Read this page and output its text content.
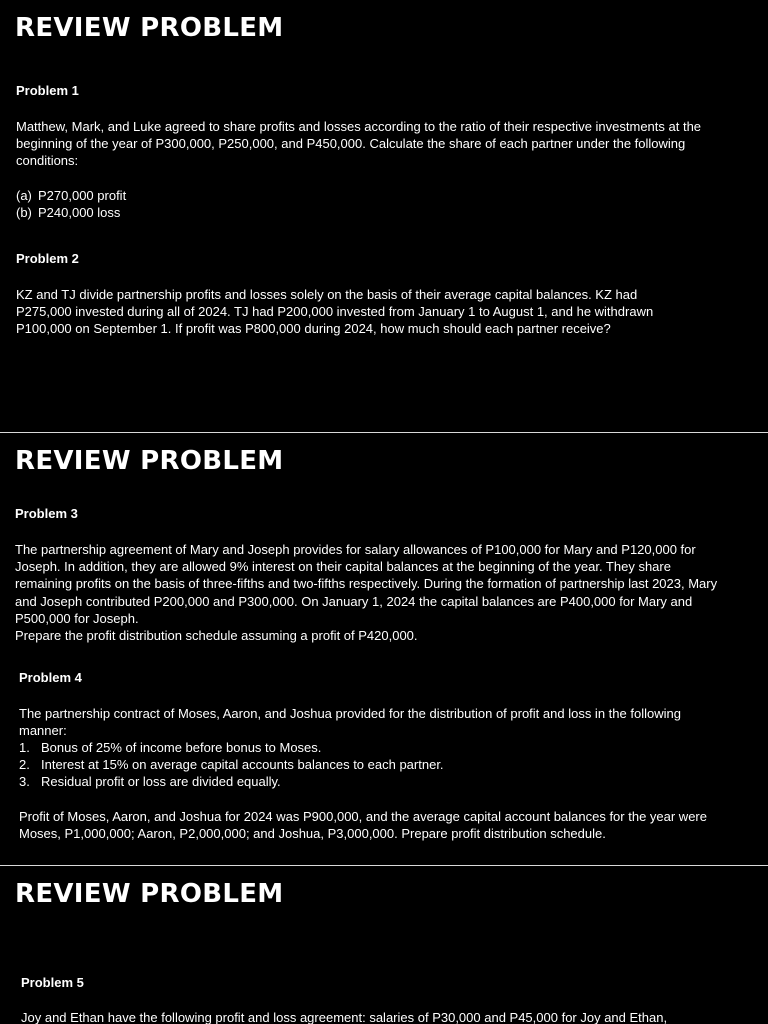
REVIEW PROBLEM
Problem 1

Matthew, Mark, and Luke agreed to share profits and losses according to the ratio of their respective investments at the beginning of the year of P300,000, P250,000, and P450,000. Calculate the share of each partner under the following conditions:

(a) P270,000 profit
(b) P240,000 loss
Problem 2

KZ and TJ divide partnership profits and losses solely on the basis of their average capital balances. KZ had P275,000 invested during all of 2024. TJ had P200,000 invested from January 1 to August 1, and he withdrawn P100,000 on September 1. If profit was P800,000 during 2024, how much should each partner receive?

REVIEW PROBLEM
Problem 3

The partnership agreement of Mary and Joseph provides for salary allowances of P100,000 for Mary and P120,000 for Joseph. In addition, they are allowed 9% interest on their capital balances at the beginning of the year. They share remaining profits on the basis of three-fifths and two-fifths respectively. During the formation of partnership last 2023, Mary and Joseph contributed P200,000 and P300,000. On January 1, 2024 the capital balances are P400,000 for Mary and P500,000 for Joseph.

Prepare the profit distribution schedule assuming a profit of P420,000.

Problem 4

The partnership contract of Moses, Aaron, and Joshua provided for the distribution of profit and loss in the following manner:

1. Bonus of 25% of income before bonus to Moses.
2. Interest at 15% on average capital accounts balances to each partner.
3. Residual profit or loss are divided equally.

Profit of Moses, Aaron, and Joshua for 2024 was P900,000, and the average capital account balances for the year were Moses, P1,000,000; Aaron, P2,000,000; and Joshua, P3,000,000. Prepare profit distribution schedule.

REVIEW PROBLEM
Problem 5

Joy and Ethan have the following profit and loss agreement: salaries of P30,000 and P45,000 for Joy and Ethan,
